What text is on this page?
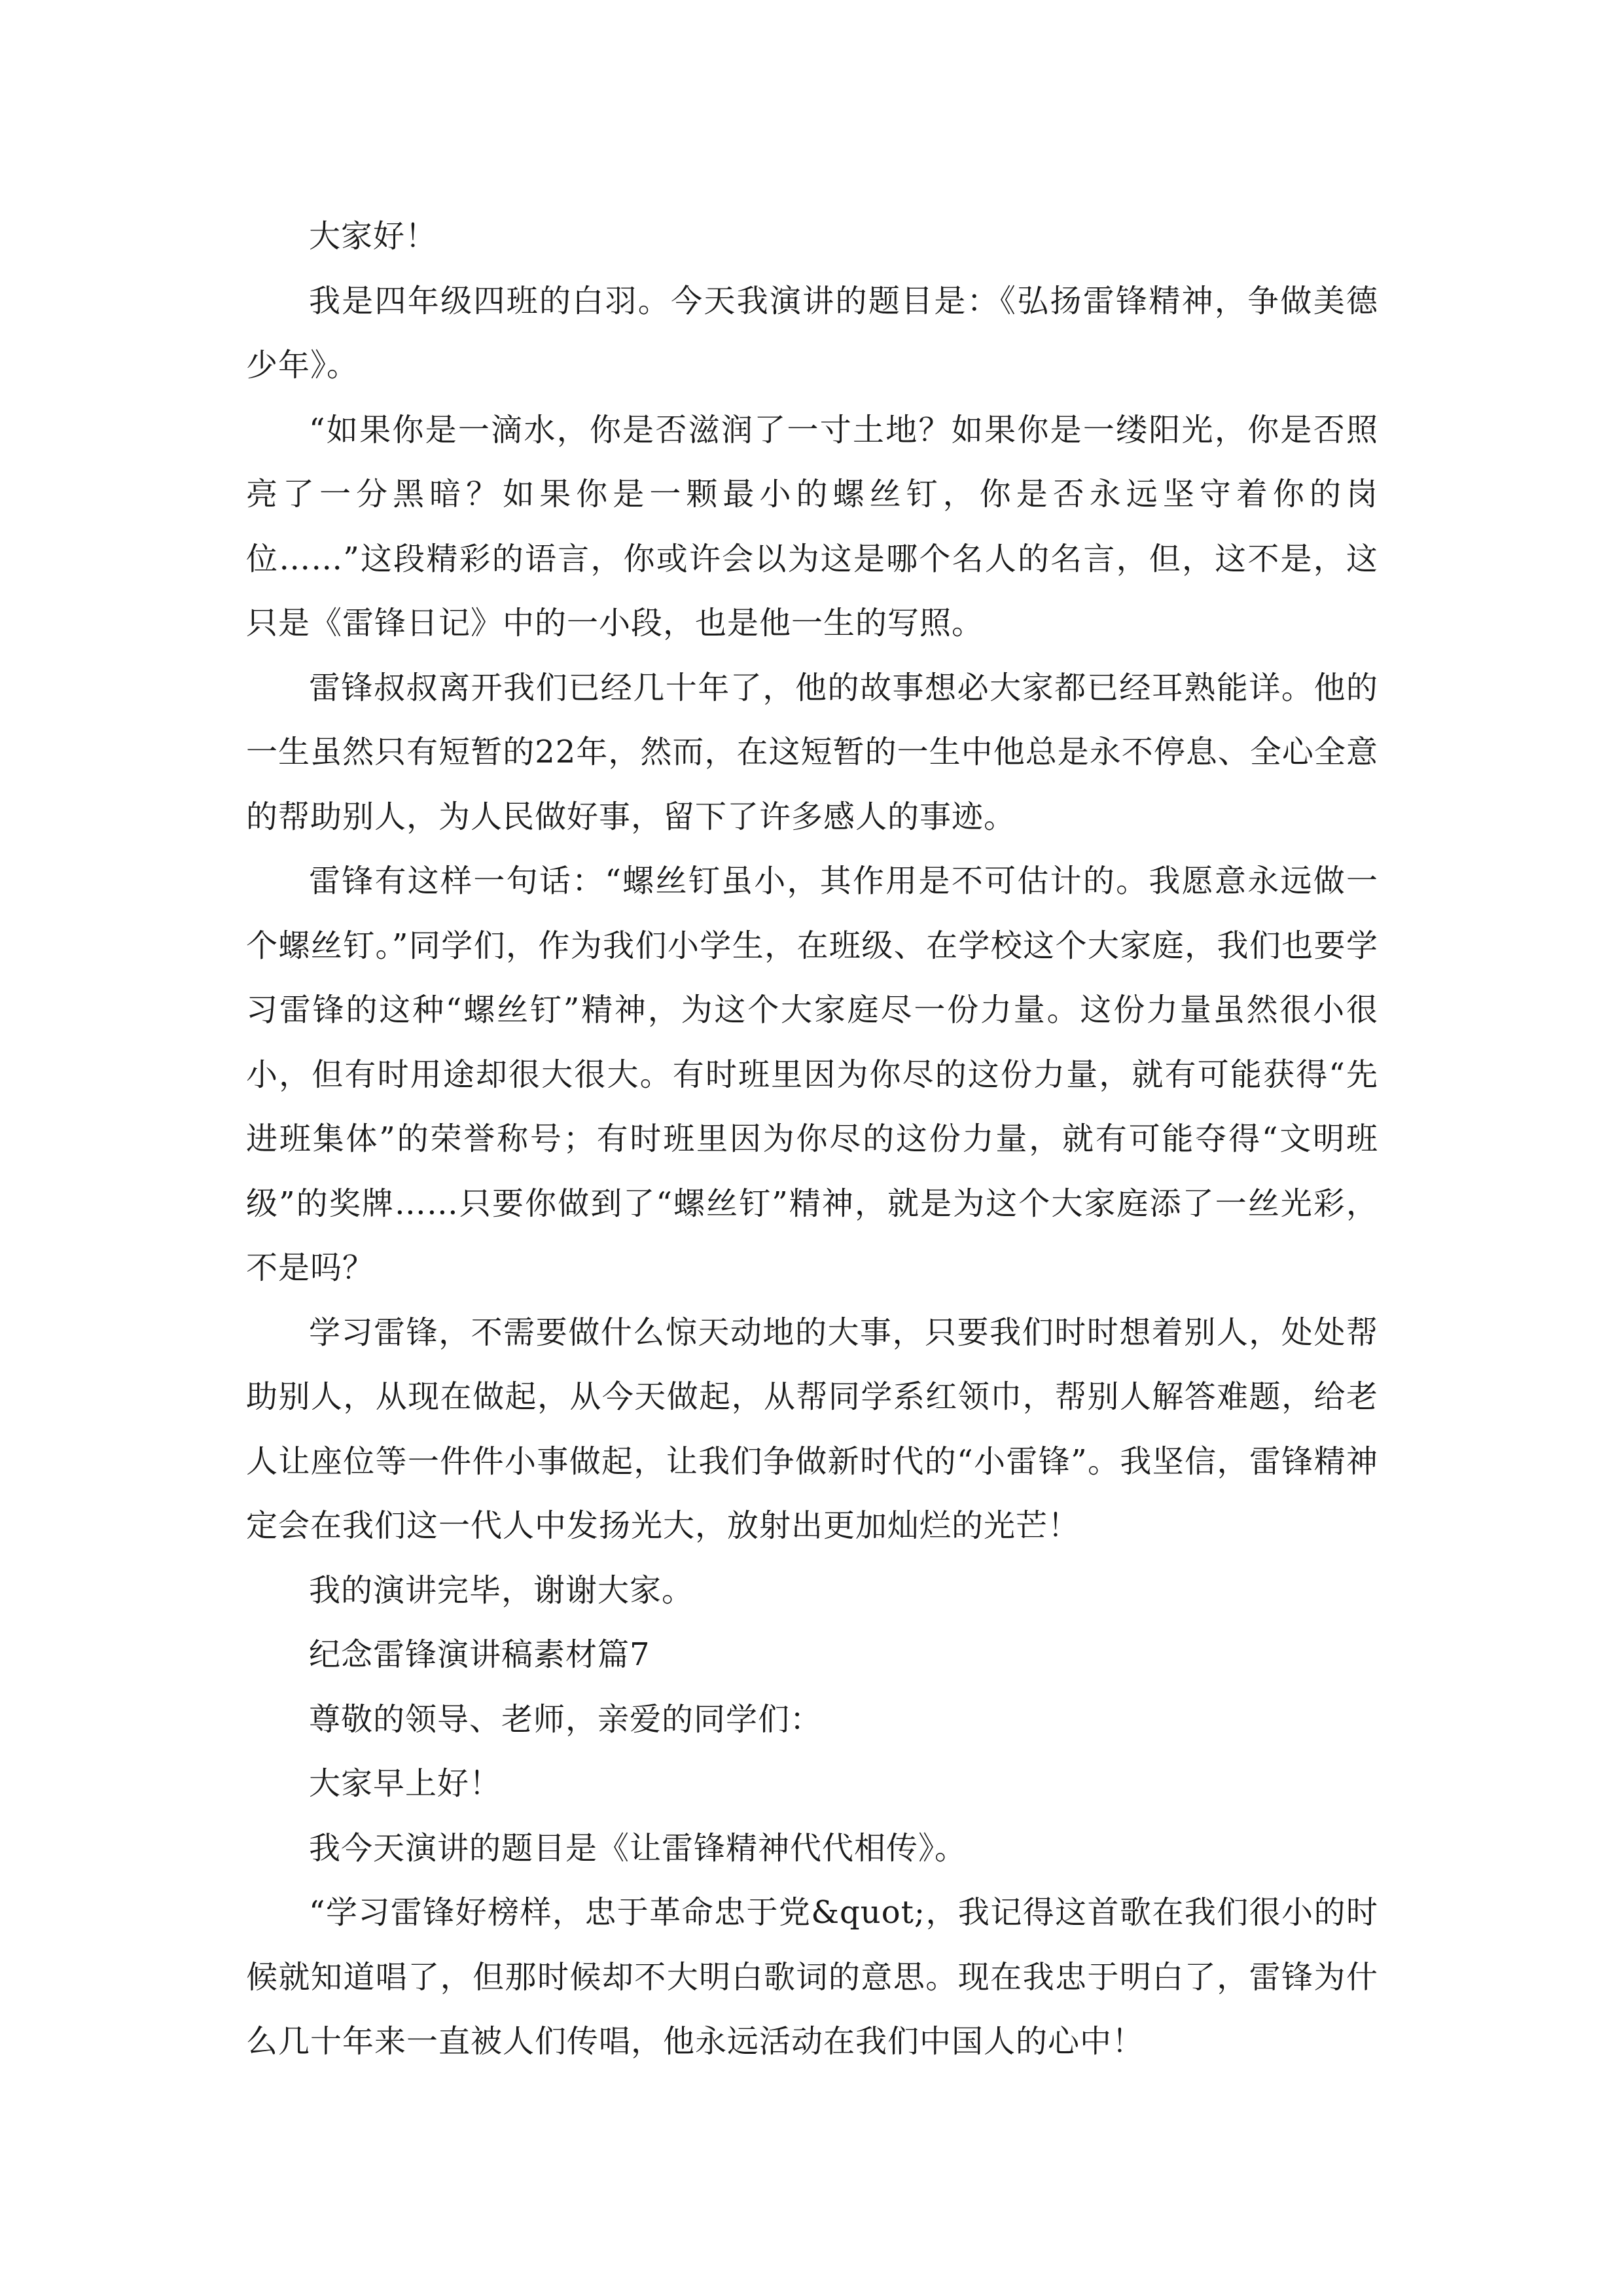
大家好！

我是四年级四班的白羽。今天我演讲的题目是：《弘扬雷锋精神，争做美德少年》。

“如果你是一滴水，你是否滋润了一寸土地？如果你是一缕阳光，你是否照亮了一分黑暗？如果你是一颗最小的螺丝钉，你是否永远坚守着你的岗位……”这段精彩的语言，你或许会以为这是哪个名人的名言，但，这不是，这只是《雷锋日记》中的一小段，也是他一生的写照。

雷锋叔叔离开我们已经几十年了，他的故事想必大家都已经耳熟能详。他的一生虽然只有短暂的22年，然而，在这短暂的一生中他总是永不停息、全心全意的帮助别人，为人民做好事，留下了许多感人的事迹。

雷锋有这样一句话：“螺丝钉虽小，其作用是不可估计的。我愿意永远做一个螺丝钉。”同学们，作为我们小学生，在班级、在学校这个大家庭，我们也要学习雷锋的这种“螺丝钉”精神，为这个大家庭尽一份力量。这份力量虽然很小很小，但有时用途却很大很大。有时班里因为你尽的这份力量，就有可能获得“先进班集体”的荣誉称号；有时班里因为你尽的这份力量，就有可能夺得“文明班级”的奖牌……只要你做到了“螺丝钉”精神，就是为这个大家庭添了一丝光彩，不是吗？

学习雷锋，不需要做什么惊天动地的大事，只要我们时时想着别人，处处帮助别人，从现在做起，从今天做起，从帮同学系红领巾，帮别人解答难题，给老人让座位等一件件小事做起，让我们争做新时代的“小雷锋”。我坚信，雷锋精神定会在我们这一代人中发扬光大，放射出更加灿烂的光芒！

我的演讲完毕，谢谢大家。

纪念雷锋演讲稿素材篇7

尊敬的领导、老师，亲爱的同学们：

大家早上好！

我今天演讲的题目是《让雷锋精神代代相传》。

“学习雷锋好榜样，忠于革命忠于党&quot;，我记得这首歌在我们很小的时候就知道唱了，但那时候却不大明白歌词的意思。现在我忠于明白了，雷锋为什么几十年来一直被人们传唱，他永远活动在我们中国人的心中！
